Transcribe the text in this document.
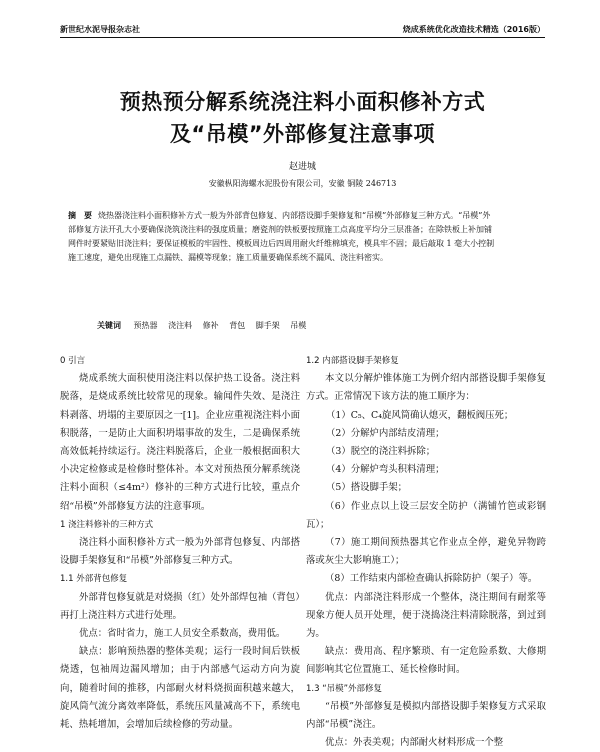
新世纪水泥导报杂志社	烧成系统优化改造技术精选（2016版）
预热预分解系统浇注料小面积修补方式
及“吊模”外部修复注意事项
赵进城
安徽枞阳海螺水泥股份有限公司，安徽 铜陵 246713
摘　要 烧热器浇注料小面积修补方式一般为外部背包修复、内部搭设脚手架修复和“吊模”外部修复三种方式。“吊模”外部修复方法开孔大小要确保浇筑浇注料的强度质量；磨瓷剂的铁板要按照施工点高度平均分三层准备；在除铁板上补加铺网件时要紧贴旧浇注料；要保证模板的牢固性、模板周边后四周用耐火纤维棉填充，模具牢不固；最后敲取 1 毫大小控制施工速度，避免出现施工点漏铁、漏模等现象；施工质量要确保系统不漏风、浇注料密实。
关键词 预热器 浇注料 修补 背包 脚手架 吊模

0 引言

烧成系统大面积使用浇注料以保护热工设备。浇注料脱落，是烧成系统比较常见的现象。输闻件失效、是浇注料剥落、坍塌的主要原因之一[1]。企业应重视浇注料小面积脱落，一是防止大面积坍塌事故的发生，二是确保系统高效低耗持续运行。浇注料脱落后，企业一般根据面积大小决定检修或是检修时整体补。本文对预热预分解系统浇注料小面积（≤4m²）修补的三种方式进行比较，重点介绍“吊模”外部修复方法的注意事项。

1 浇注料修补的三种方式

浇注料小面积修补方式一般为外部背包修复、内部搭设脚手架修复和“吊模”外部修复三种方式。

1.1 外部背包修复

外部背包修复就是对烧损（红）处外部焊包袖（背包）再打上浇注料方式进行处理。

优点：省时省力，施工人员安全系数高，费用低。

缺点：影响预热器的整体美观；运行一段时间后铁板烧透，包袖周边漏风增加；由于内部感气运动方向为旋向，随着时间的推移，内部耐火材料烧损面积越来越大，旋风筒气流分离效率降低，系统压风量减高不下，系统电耗、热耗增加，会增加后续检修的劳动量。

1.2 内部搭设脚手架修复

本文以分解炉锥体施工为例介绍内部搭设脚手架修复方式。正常情况下该方法的施工顺序为：

（1）C₅、C₄旋风筒确认熄灭，翻板阀压死；

（2）分解炉内部结皮清理；

（3）脱空的浇注料拆除；

（4）分解炉弯头积料清理；

（5）搭设脚手架；

（6）作业点以上设三层安全防护（满铺竹笆或彩钢瓦）；

（7）施工期间预热器其它作业点全停，避免异物跨落或灰尘大影响施工）；

（8）工作结束内部检查确认拆除防护（架子）等。

优点：内部浇注料形成一个整体，浇注期间有耐浆等现象方便人员开处理，便于浇捣浇注料清除脱落，到过到为。

缺点：费用高、程序繁琐、有一定危险系数、大修期间影响其它位置施工、延长检修时间。

1.3 “吊模”外部修复

“吊模”外部修复是模拟内部搭设脚手架修复方式采取内部“吊模”浇注。

优点：外表美观；内部耐火材料形成一个整
